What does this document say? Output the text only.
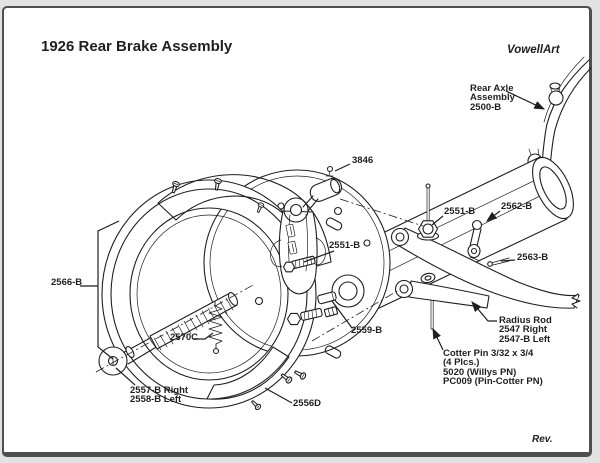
1926 Rear Brake Assembly	VowellArt
Rev.
Rear Axle
Assembly
2500-B
3846
2551-B
2551-B	2562-B
2563-B
2566-B
2570C
2559-B
Radius Rod
2547 Right
2547-B Left
Cotter Pin 3/32 x 3/4
(4 Plcs.)
5020 (Willys PN)
PC009 (Pin-Cotter PN)
2557-B Right
2558-B Left	2556D
